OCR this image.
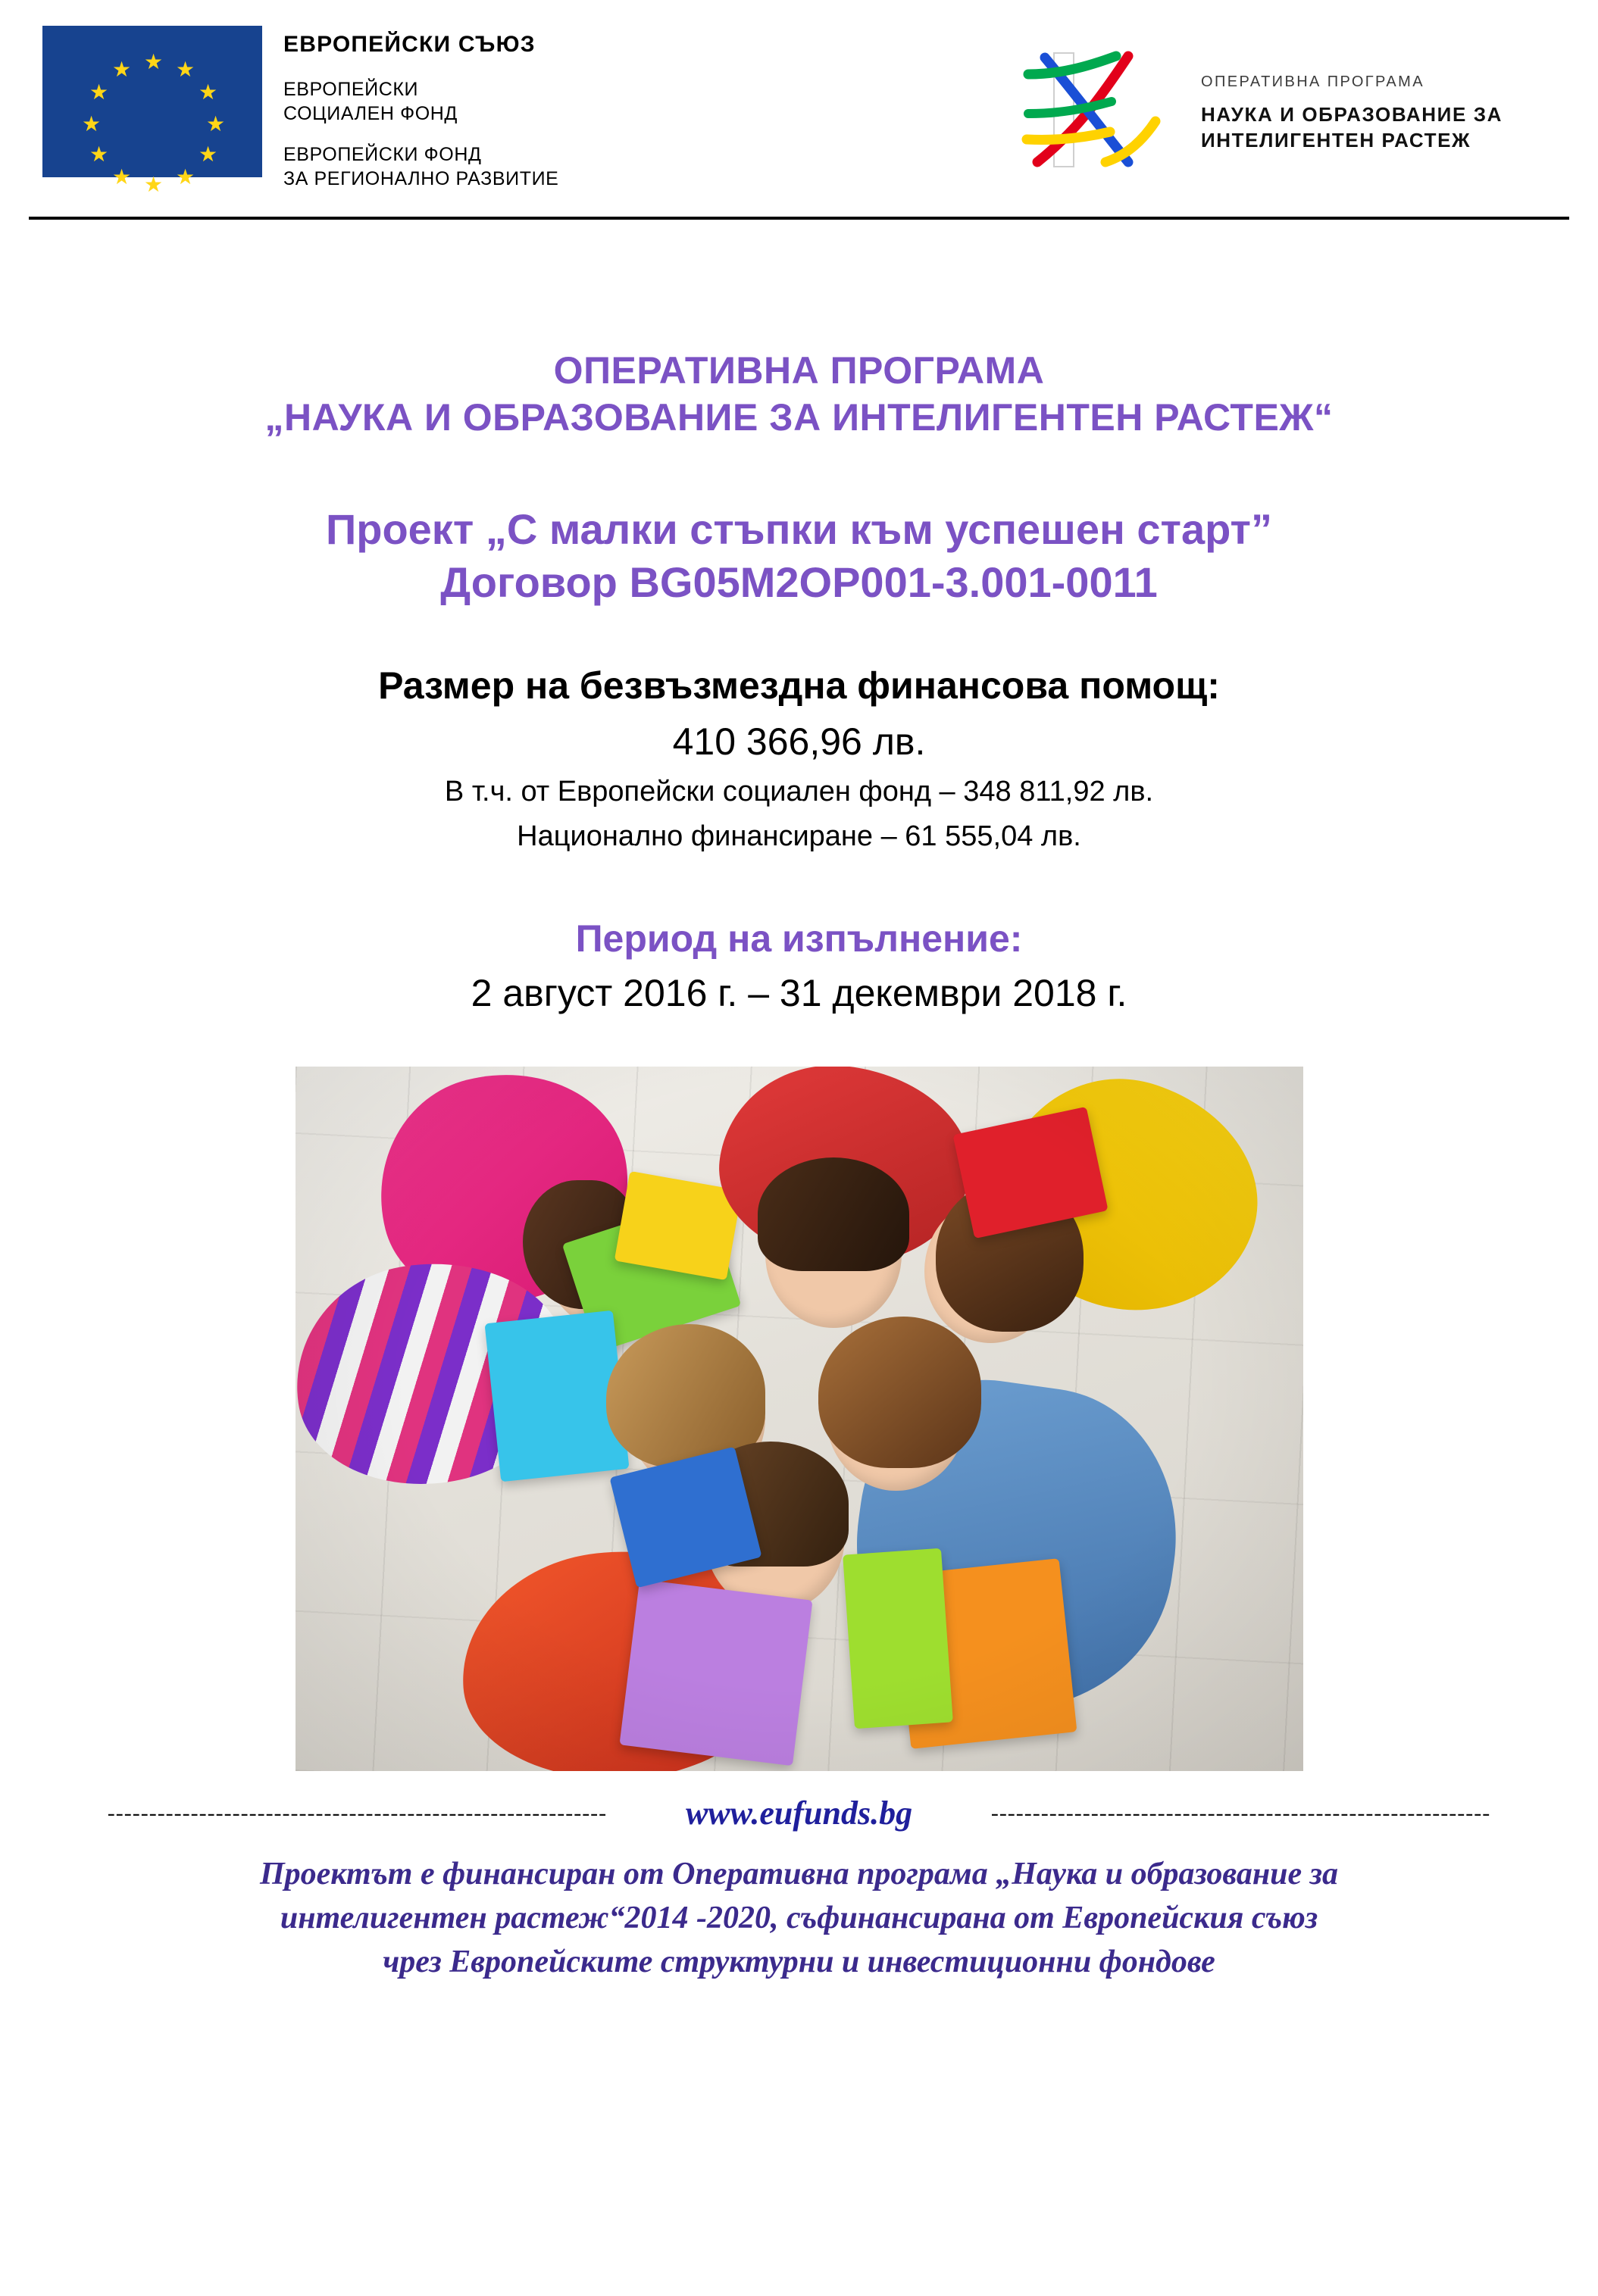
★ ★
★
★
★
★
★
★
★
★
★
★
ЕВРОПЕЙСКИ СЪЮЗ
ЕВРОПЕЙСКИ
СОЦИАЛЕН ФОНД
ЕВРОПЕЙСКИ ФОНД
ЗА РЕГИОНАЛНО РАЗВИТИЕ
ОПЕРАТИВНА ПРОГРАМА
НАУКА И ОБРАЗОВАНИЕ ЗА
ИНТЕЛИГЕНТЕН РАСТЕЖ
ОПЕРАТИВНА ПРОГРАМА
„НАУКА И ОБРАЗОВАНИЕ ЗА ИНТЕЛИГЕНТЕН РАСТЕЖ“
Проект „С малки стъпки към успешен старт”
Договор BG05M2OP001-3.001-0011
Размер на безвъзмездна финансова помощ:
410 366,96 лв.
В т.ч. от Европейски социален фонд – 348 811,92 лв.
Национално финансиране – 61 555,04 лв.
Период на изпълнение:
2 август 2016 г. – 31 декември 2018 г.
------------------------------------------------------------	www.eufunds.bg	------------------------------------------------------------
Проектът е финансиран от Оперативна програма „Наука и образование за
интелигентен растеж“2014 -2020, съфинансирана от Европейския съюз
чрез Европейските структурни и инвестиционни фондове
